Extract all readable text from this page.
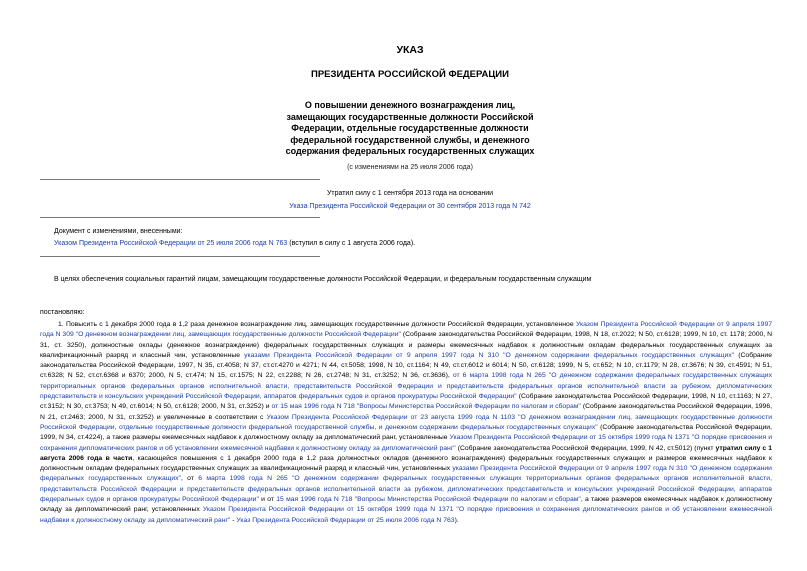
УКАЗ
ПРЕЗИДЕНТА РОССИЙСКОЙ ФЕДЕРАЦИИ
О повышении денежного вознаграждения лиц, замещающих государственные должности Российской Федерации, отдельные государственные должности федеральной государственной службы, и денежного содержания федеральных государственных служащих
(с изменениями на 25 июля 2006 года)
Утратил силу с 1 сентября 2013 года на основании
Указа Президента Российской Федерации от 30 сентября 2013 года N 742
Документ с изменениями, внесенными:
Указом Президента Российской Федерации от 25 июля 2006 года N 763 (вступил в силу с 1 августа 2006 года).
В целях обеспечения социальных гарантий лицам, замещающим государственные должности Российской Федерации, и федеральным государственным служащим
постановляю:
1. Повысить с 1 декабря 2000 года в 1,2 раза денежное вознаграждение лиц, замещающих государственные должности Российской Федерации, установленное Указом Президента Российской Федерации от 9 апреля 1997 года N 309 "О денежном вознаграждении лиц, замещающих государственные должности Российской Федерации" (Собрание законодательства Российской Федерации, 1998, N 18, ст.2022; N 50, ст.6128; 1999, N 10, ст. 1178; 2000, N 31, ст. 3250), должностные оклады (денежное вознаграждение) федеральных государственных служащих и размеры ежемесячных надбавок к должностным окладам федеральных государственных служащих за квалификационный разряд и классный чин, установленные указами Президента Российской Федерации от 9 апреля 1997 года N 310 "О денежном содержании федеральных государственных служащих" (Собрание законодательства Российской Федерации, 1997, N 35, ст.4058; N 37, ст.ст.4270 и 4271; N 44, ст.5058; 1998, N 10, ст.1164; N 49, ст.ст.6012 и 6014; N 50, ст.6128; 1999, N 5, ст.652; N 10, ст.1179; N 28, ст.3676; N 39, ст.4591; N 51, ст.6328; N 52, ст.ст.6368 и 6370; 2000, N 5, ст.474; N 15, ст.1575; N 22, ст.2288; N 26, ст.2748; N 31, ст.3252; N 36, ст.3636), от 6 марта 1998 года N 265 "О денежном содержании федеральных государственных служащих территориальных органов федеральных органов исполнительной власти, представительств Российской Федерации и представительств федеральных органов исполнительной власти за рубежом, дипломатических представительств и консульских учреждений Российской Федерации, аппаратов федеральных судов и органов прокуратуры Российской Федерации" (Собрание законодательства Российской Федерации, 1998, N 10, ст.1163; N 27, ст.3152; N 30, ст.3753; N 49, ст.6014; N 50, ст.6128; 2000, N 31, ст.3252) и от 15 мая 1996 года N 718 "Вопросы Министерства Российской Федерации по налогам и сборам" (Собрание законодательства Российской Федерации, 1996, N 21, ст.2463; 2000, N 31, ст.3252) и увеличенные в соответствии с Указом Президента Российской Федерации от 23 августа 1999 года N 1103 "О денежном вознаграждении лиц, замещающих государственные должности Российской Федерации, отдельные государственные должности федеральной государственной службы, и денежном содержании федеральных государственных служащих" (Собрание законодательства Российской Федерации, 1999, N 34, ст.4224), а также размеры ежемесячных надбавок к должностному окладу за дипломатический ранг, установленные Указом Президента Российской Федерации от 15 октября 1999 года N 1371 "О порядке присвоения и сохранения дипломатических рангов и об установлении ежемесячной надбавки к должностному окладу за дипломатический ранг" (Собрание законодательства Российской Федерации, 1999, N 42, ст.5012) (пункт утратил силу с 1 августа 2006 года в части, касающейся повышения с 1 декабря 2000 года в 1,2 раза должностных окладов (денежного вознаграждения) федеральных государственных служащих и размеров ежемесячных надбавок к должностным окладам федеральных государственных служащих за квалификационный разряд и классный чин, установленных указами Президента Российской Федерации от 9 апреля 1997 года N 310 "О денежном содержании федеральных государственных служащих", от 6 марта 1998 года N 265 "О денежном содержании федеральных государственных служащих территориальных органов федеральных органов исполнительной власти, представительств Российской Федерации и представительств федеральных органов исполнительной власти за рубежом, дипломатических представительств и консульских учреждений Российской Федерации, аппаратов федеральных судов и органов прокуратуры Российской Федерации" и от 15 мая 1996 года N 718 "Вопросы Министерства Российской Федерации по налогам и сборам", а также размеров ежемесячных надбавок к должностному окладу за дипломатический ранг, установленных Указом Президента Российской Федерации от 15 октября 1999 года N 1371 "О порядке присвоения и сохранения дипломатических рангов и об установлении ежемесячной надбавки к должностному окладу за дипломатический ранг" - Указ Президента Российской Федерации от 25 июля 2006 года N 763).
